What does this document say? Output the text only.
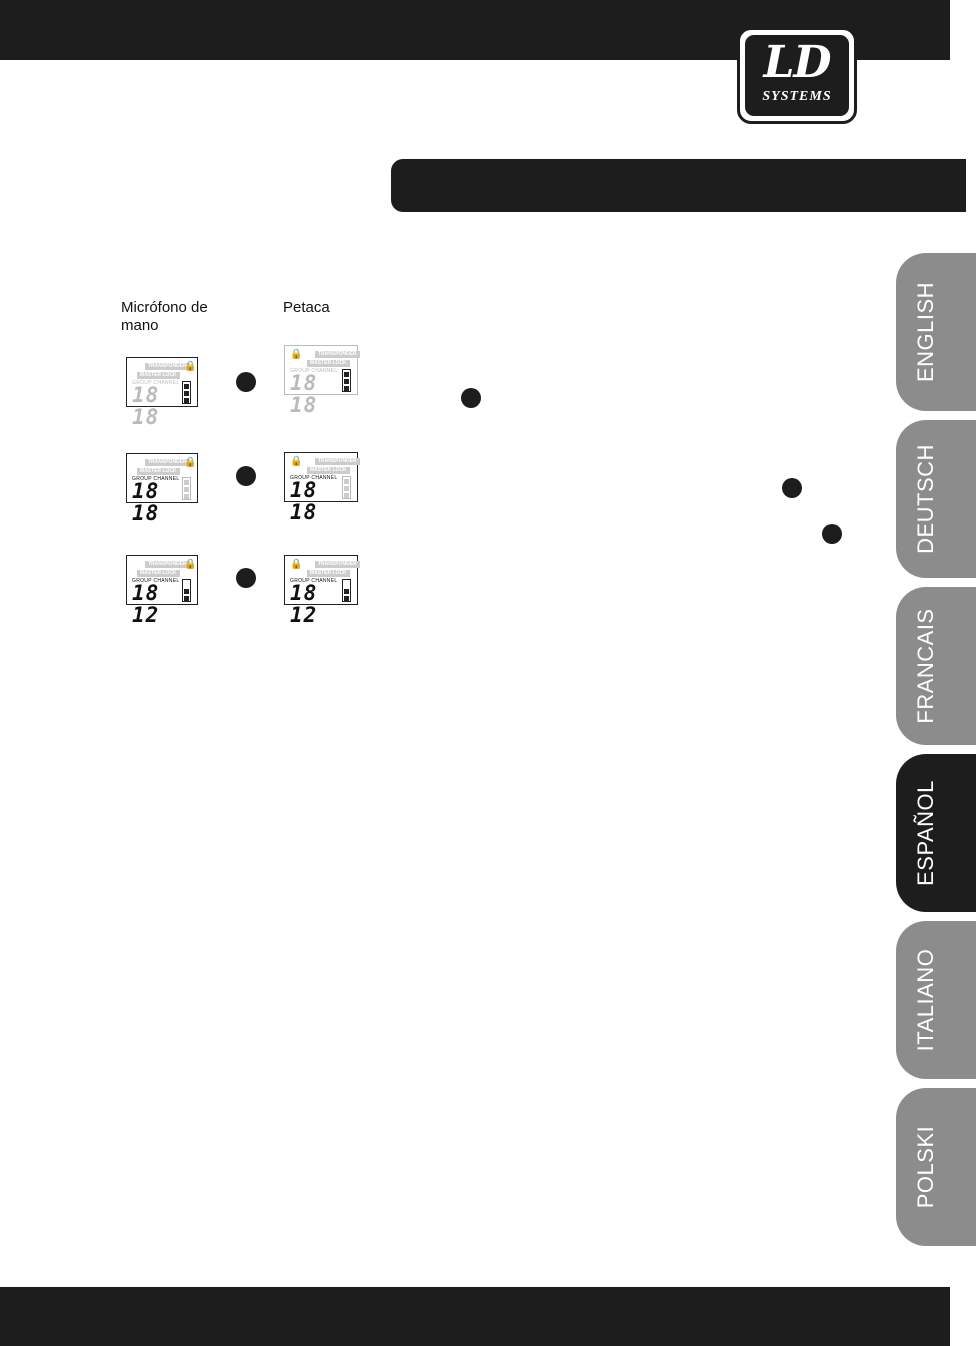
LD
SYSTEMS
Micrófono de mano
Petaca
TRANSPONDER
🔒
MASTER LOCK
GROUP CHANNEL
18 18
🔒	TRANSPONDER
MASTER LOCK
GROUP CHANNEL
18 18
TRANSPONDER
🔒
MASTER LOCK
GROUP CHANNEL
18 18
🔒	TRANSPONDER
MASTER LOCK
GROUP CHANNEL
18 18
TRANSPONDER
🔒
MASTER LOCK
GROUP CHANNEL
18 12
🔒	TRANSPONDER
MASTER LOCK
GROUP CHANNEL
18 12
ENGLISH
DEUTSCH
FRANCAIS
ESPAÑOL
ITALIANO
POLSKI
